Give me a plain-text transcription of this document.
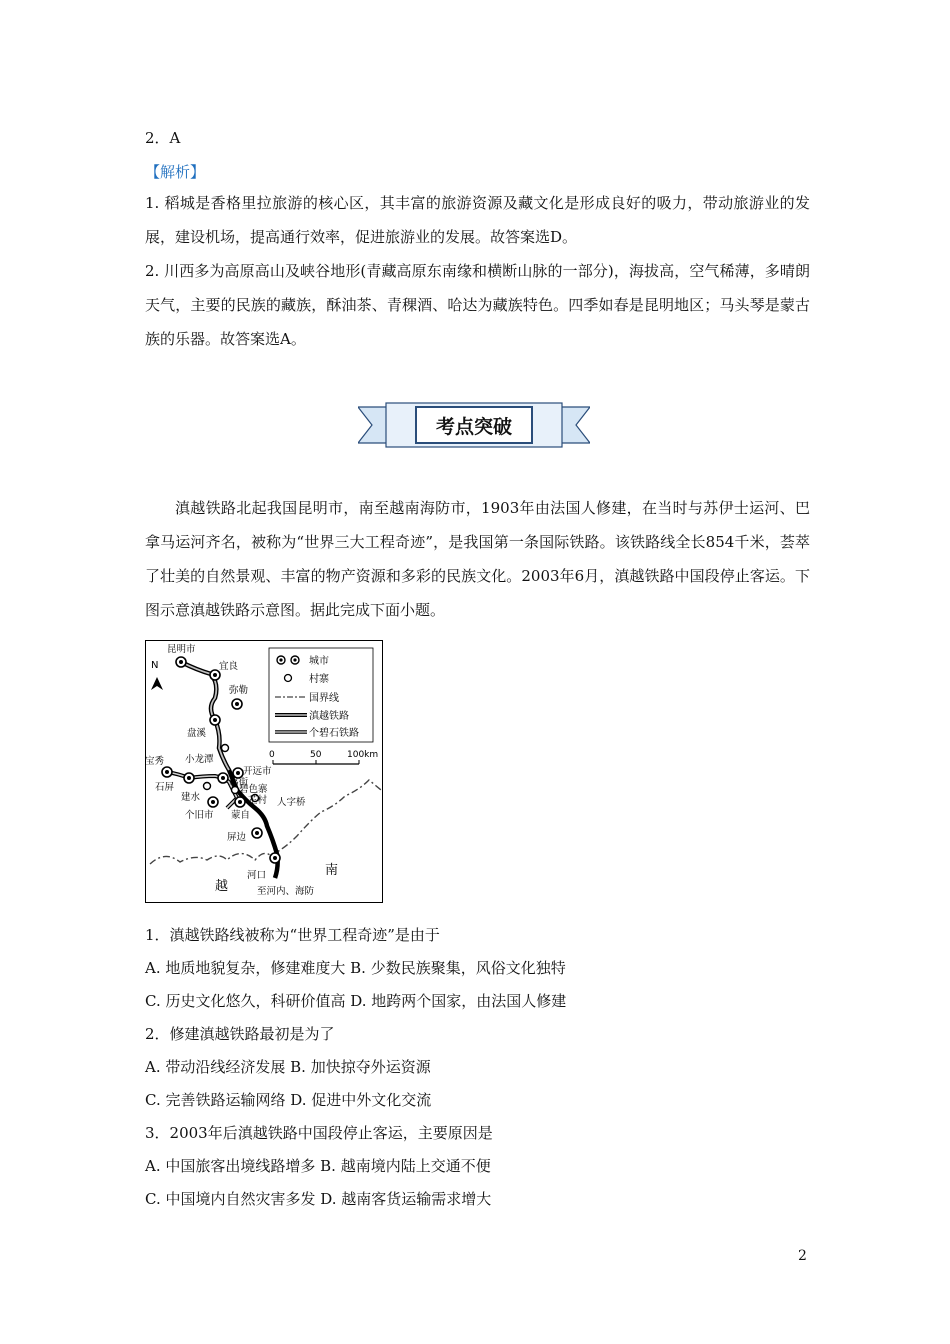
2．A
【解析】
1. 稻城是香格里拉旅游的核心区，其丰富的旅游资源及藏文化是形成良好的吸力，带动旅游业的发展，建设机场，提高通行效率，促进旅游业的发展。故答案选D。
2. 川西多为高原高山及峡谷地形(青藏高原东南缘和横断山脉的一部分)，海拔高，空气稀薄，多晴朗天气，主要的民族的藏族，酥油茶、青稞酒、哈达为藏族特色。四季如春是昆明地区；马头琴是蒙古族的乐器。故答案选A。
考点突破
滇越铁路北起我国昆明市，南至越南海防市，1903年由法国人修建，在当时与苏伊士运河、巴拿马运河齐名，被称为“世界三大工程奇迹”，是我国第一条国际铁路。该铁路线全长854千米，荟萃了壮美的自然景观、丰富的物产资源和多彩的民族文化。2003年6月，滇越铁路中国段停止客运。下图示意滇越铁路示意图。据此完成下面小题。
N	城市
村寨
国界线
滇越铁路
个碧石铁路
0	50	100km
昆明市
宜良
弥勒
盘溪
小龙潭
开远市
宝秀
石屏	鸡街
建水
碧色寨
芷村 人字桥
个旧市 蒙自
屏边
河口
至河内、海防
南
越
1．滇越铁路线被称为“世界工程奇迹”是由于
A. 地质地貌复杂，修建难度大 B. 少数民族聚集，风俗文化独特
C. 历史文化悠久，科研价值高 D. 地跨两个国家，由法国人修建
2．修建滇越铁路最初是为了
A. 带动沿线经济发展 B. 加快掠夺外运资源
C. 完善铁路运输网络 D. 促进中外文化交流
3．2003年后滇越铁路中国段停止客运，主要原因是
A. 中国旅客出境线路增多 B. 越南境内陆上交通不便
C. 中国境内自然灾害多发 D. 越南客货运输需求增大
2
